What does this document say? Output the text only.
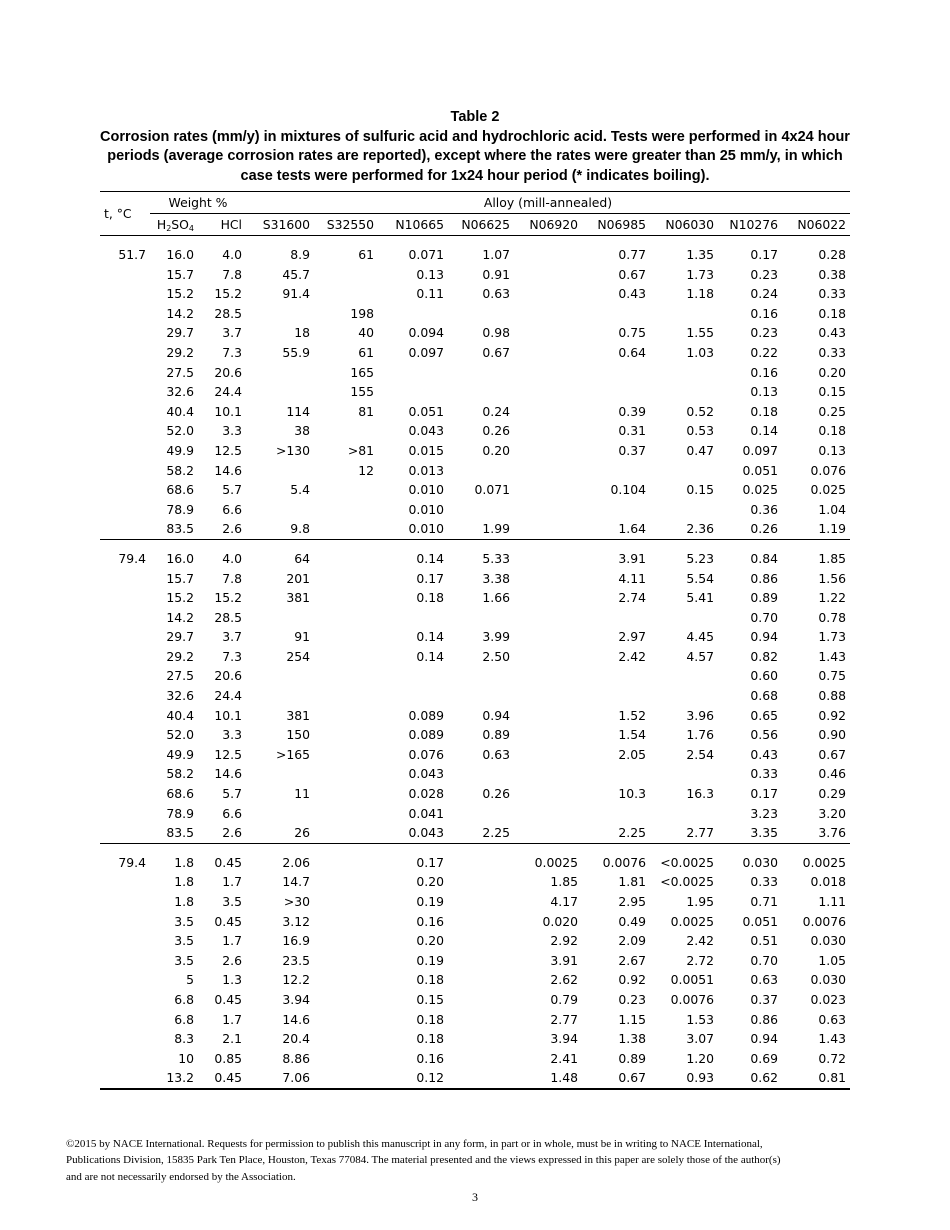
Table 2
Corrosion rates (mm/y) in mixtures of sulfuric acid and hydrochloric acid. Tests were performed in 4x24 hour periods (average corrosion rates are reported), except where the rates were greater than 25 mm/y, in which case tests were performed for 1x24 hour period (* indicates boiling).
t, °C	Weight %		Alloy (mill-annealed)								
	$H_2SO_4$	HCl	S31600	S32550	N10665	N06625	N06920	N06985	N06030	N10276	N06022

51.7	16.0	4.0	8.9	61	0.071	1.07		0.77	1.35	0.17	0.28
	15.7	7.8	45.7		0.13	0.91		0.67	1.73	0.23	0.38
	15.2	15.2	91.4		0.11	0.63		0.43	1.18	0.24	0.33
	14.2	28.5		198						0.16	0.18
	29.7	3.7	18	40	0.094	0.98		0.75	1.55	0.23	0.43
	29.2	7.3	55.9	61	0.097	0.67		0.64	1.03	0.22	0.33
	27.5	20.6		165						0.16	0.20
	32.6	24.4		155						0.13	0.15
	40.4	10.1	114	81	0.051	0.24		0.39	0.52	0.18	0.25
	52.0	3.3	38		0.043	0.26		0.31	0.53	0.14	0.18
	49.9	12.5	>130	>81	0.015	0.20		0.37	0.47	0.097	0.13
	58.2	14.6		12	0.013					0.051	0.076
	68.6	5.7	5.4		0.010	0.071		0.104	0.15	0.025	0.025
	78.9	6.6			0.010					0.36	1.04
	83.5	2.6	9.8		0.010	1.99		1.64	2.36	0.26	1.19

79.4	16.0	4.0	64		0.14	5.33		3.91	5.23	0.84	1.85
	15.7	7.8	201		0.17	3.38		4.11	5.54	0.86	1.56
	15.2	15.2	381		0.18	1.66		2.74	5.41	0.89	1.22
	14.2	28.5								0.70	0.78
	29.7	3.7	91		0.14	3.99		2.97	4.45	0.94	1.73
	29.2	7.3	254		0.14	2.50		2.42	4.57	0.82	1.43
	27.5	20.6								0.60	0.75
	32.6	24.4								0.68	0.88
	40.4	10.1	381		0.089	0.94		1.52	3.96	0.65	0.92
	52.0	3.3	150		0.089	0.89		1.54	1.76	0.56	0.90
	49.9	12.5	>165		0.076	0.63		2.05	2.54	0.43	0.67
	58.2	14.6			0.043					0.33	0.46
	68.6	5.7	11		0.028	0.26		10.3	16.3	0.17	0.29
	78.9	6.6			0.041					3.23	3.20
	83.5	2.6	26		0.043	2.25		2.25	2.77	3.35	3.76

79.4	1.8	0.45	2.06		0.17		0.0025	0.0076	<0.0025	0.030	0.0025
	1.8	1.7	14.7		0.20		1.85	1.81	<0.0025	0.33	0.018
	1.8	3.5	>30		0.19		4.17	2.95	1.95	0.71	1.11
	3.5	0.45	3.12		0.16		0.020	0.49	0.0025	0.051	0.0076
	3.5	1.7	16.9		0.20		2.92	2.09	2.42	0.51	0.030
	3.5	2.6	23.5		0.19		3.91	2.67	2.72	0.70	1.05
	5	1.3	12.2		0.18		2.62	0.92	0.0051	0.63	0.030
	6.8	0.45	3.94		0.15		0.79	0.23	0.0076	0.37	0.023
	6.8	1.7	14.6		0.18		2.77	1.15	1.53	0.86	0.63
	8.3	2.1	20.4		0.18		3.94	1.38	3.07	0.94	1.43
	10	0.85	8.86		0.16		2.41	0.89	1.20	0.69	0.72
	13.2	0.45	7.06		0.12		1.48	0.67	0.93	0.62	0.81
©2015 by NACE International. Requests for permission to publish this manuscript in any form, in part or in whole, must be in writing to NACE International, Publications Division, 15835 Park Ten Place, Houston, Texas 77084. The material presented and the views expressed in this paper are solely those of the author(s) and are not necessarily endorsed by the Association.
3
